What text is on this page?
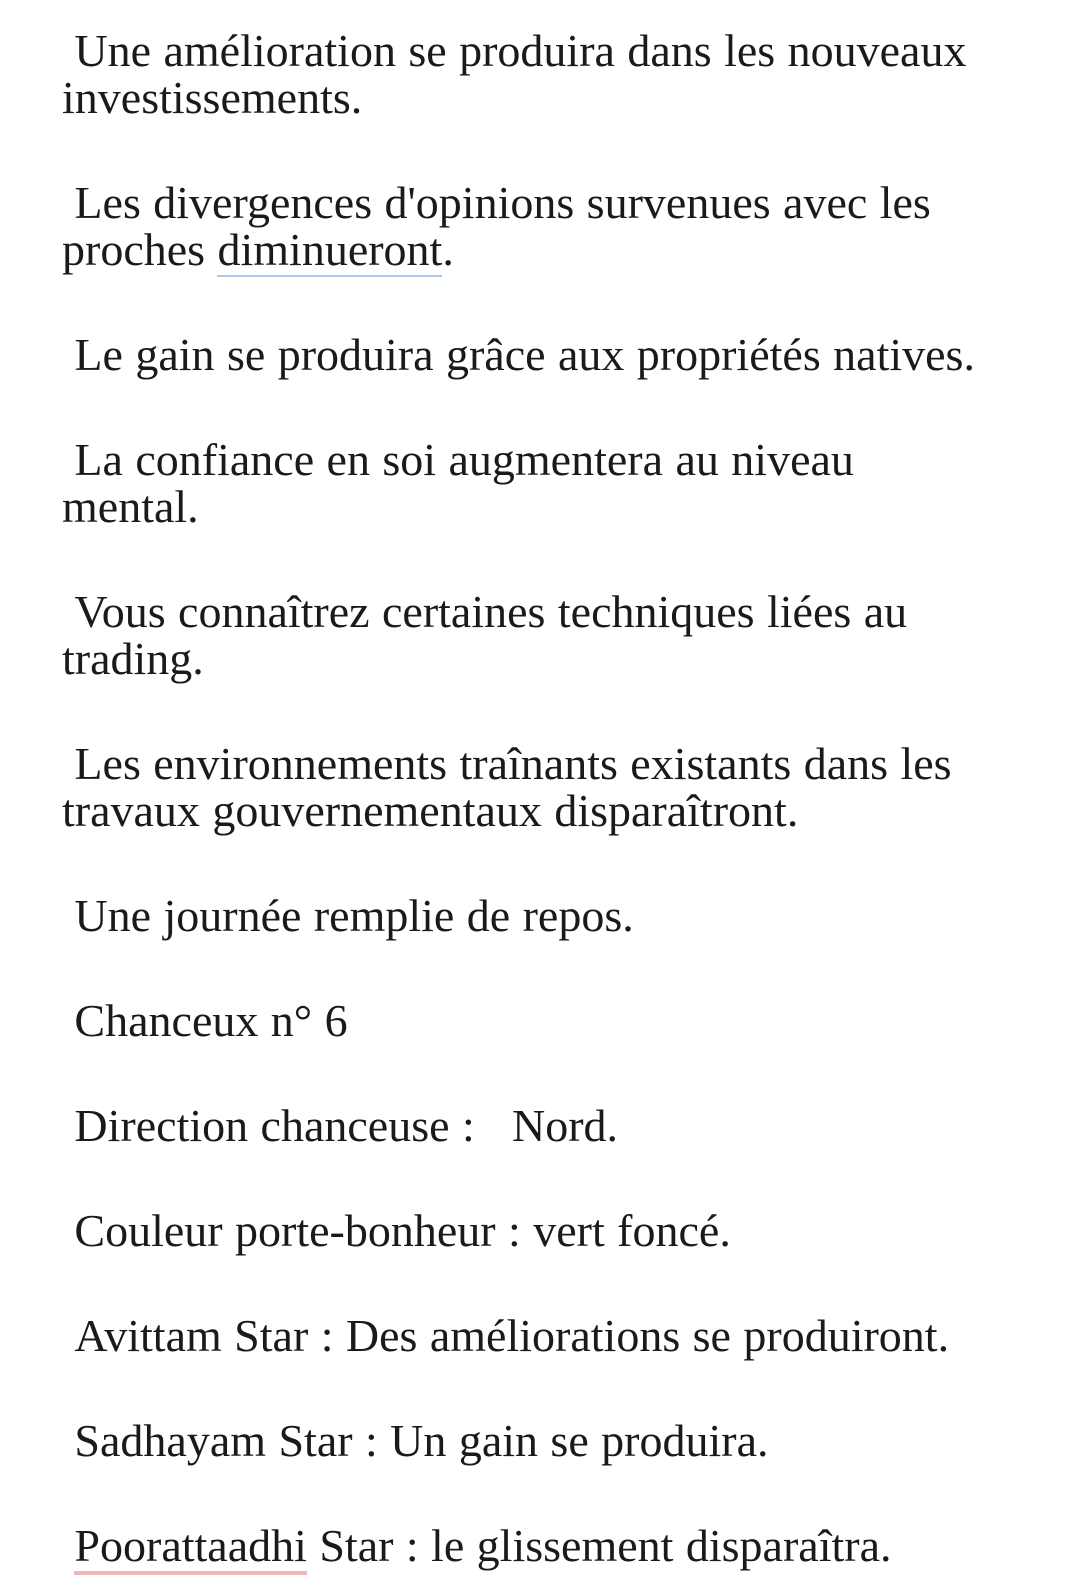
Une amélioration se produira dans les nouveaux investissements.

Les divergences d'opinions survenues avec les proches diminueront.

Le gain se produira grâce aux propriétés natives.

La confiance en soi augmentera au niveau mental.

Vous connaîtrez certaines techniques liées au trading.

Les environnements traînants existants dans les travaux gouvernementaux disparaîtront.

Une journée remplie de repos.

Chanceux n° 6

Direction chanceuse :   Nord.

Couleur porte-bonheur : vert foncé.

Avittam Star : Des améliorations se produiront.

Sadhayam Star : Un gain se produira.

Poorattaadhi Star : le glissement disparaîtra.
